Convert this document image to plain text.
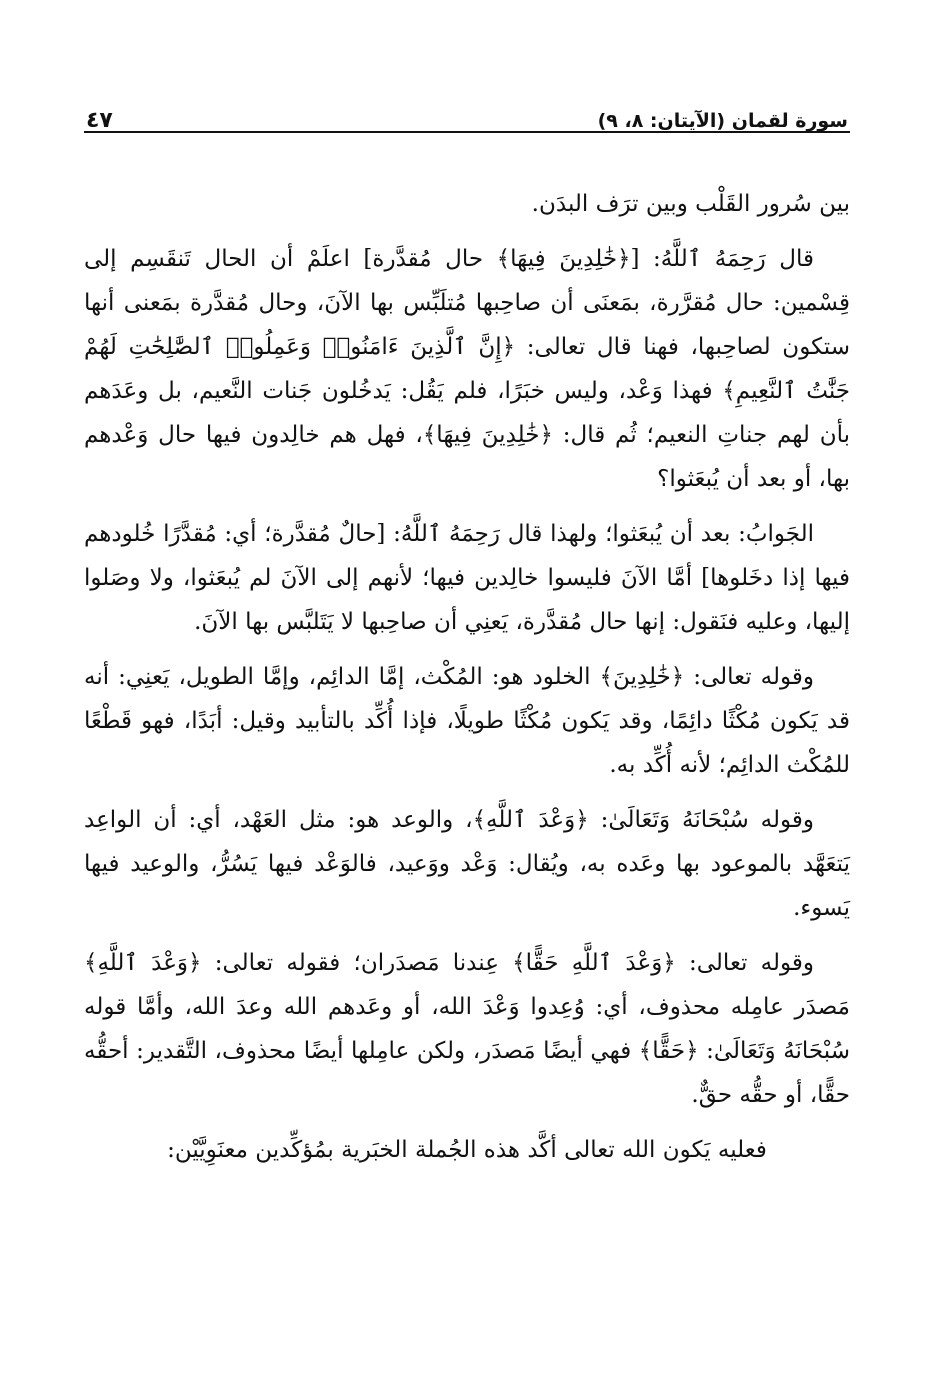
سورة لقمان (الآيتان: ٨، ٩)
٤٧

بين سُرور القَلْب وبين ترَف البدَن.

قال رَحِمَهُ ٱللَّهُ: [﴿خَٰلِدِينَ فِيهَا﴾ حال مُقدَّرة] اعلَمْ أن الحال تَنقَسِم إلى قِسْمين: حال مُقرَّرة، بمَعنَى أن صاحِبها مُتلَبِّس بها الآنَ، وحال مُقدَّرة بمَعنى أنها ستكون لصاحِبها، فهنا قال تعالى: ﴿إِنَّ ٱلَّذِينَ ءَامَنُوا۟ وَعَمِلُوا۟ ٱلصَّٰلِحَٰتِ لَهُمْ جَنَّٰتُ ٱلنَّعِيمِ﴾ فهذا وَعْد، وليس خبَرًا، فلم يَقُل: يَدخُلون جَنات النَّعيم، بل وعَدَهم بأن لهم جناتِ النعيم؛ ثُم قال: ﴿خَٰلِدِينَ فِيهَا﴾، فهل هم خالِدون فيها حال وَعْدهم بها، أو بعد أن يُبعَثوا؟

الجَوابُ: بعد أن يُبعَثوا؛ ولهذا قال رَحِمَهُ ٱللَّهُ: [حالٌ مُقدَّرة؛ أي: مُقدَّرًا خُلودهم فيها إذا دخَلوها] أمَّا الآنَ فليسوا خالِدين فيها؛ لأنهم إلى الآنَ لم يُبعَثوا، ولا وصَلوا إليها، وعليه فنَقول: إنها حال مُقدَّرة، يَعنِي أن صاحِبها لا يَتَلبَّس بها الآنَ.

وقوله تعالى: ﴿خَٰلِدِينَ﴾ الخلود هو: المُكْث، إمَّا الدائِم، وإمَّا الطويل، يَعنِي: أنه قد يَكون مُكْثًا دائِمًا، وقد يَكون مُكْثًا طويلًا، فإذا أُكِّد بالتأبيد وقيل: أبَدًا، فهو قَطْعًا للمُكْث الدائِم؛ لأنه أُكِّد به.

وقوله سُبْحَانَهُ وَتَعَالَىٰ: ﴿وَعْدَ ٱللَّهِ﴾، والوعد هو: مثل العَهْد، أي: أن الواعِد يَتعَهَّد بالموعود بها وعَده به، ويُقال: وَعْد ووَعيد، فالوَعْد فيها يَسُرُّ، والوعيد فيها يَسوء.

وقوله تعالى: ﴿وَعْدَ ٱللَّهِ حَقًّا﴾ عِندنا مَصدَران؛ فقوله تعالى: ﴿وَعْدَ ٱللَّهِ﴾ مَصدَر عامِله محذوف، أي: وُعِدوا وَعْدَ الله، أو وعَدهم الله وعدَ الله، وأمَّا قوله سُبْحَانَهُ وَتَعَالَىٰ: ﴿حَقًّا﴾ فهي أيضًا مَصدَر، ولكن عامِلها أيضًا محذوف، التَّقدير: أحقُّه حقًّا، أو حقُّه حقٌّ.

فعليه يَكون الله تعالى أكَّد هذه الجُملة الخبَرية بمُؤكِّدين معنَوِيَّيْن:
